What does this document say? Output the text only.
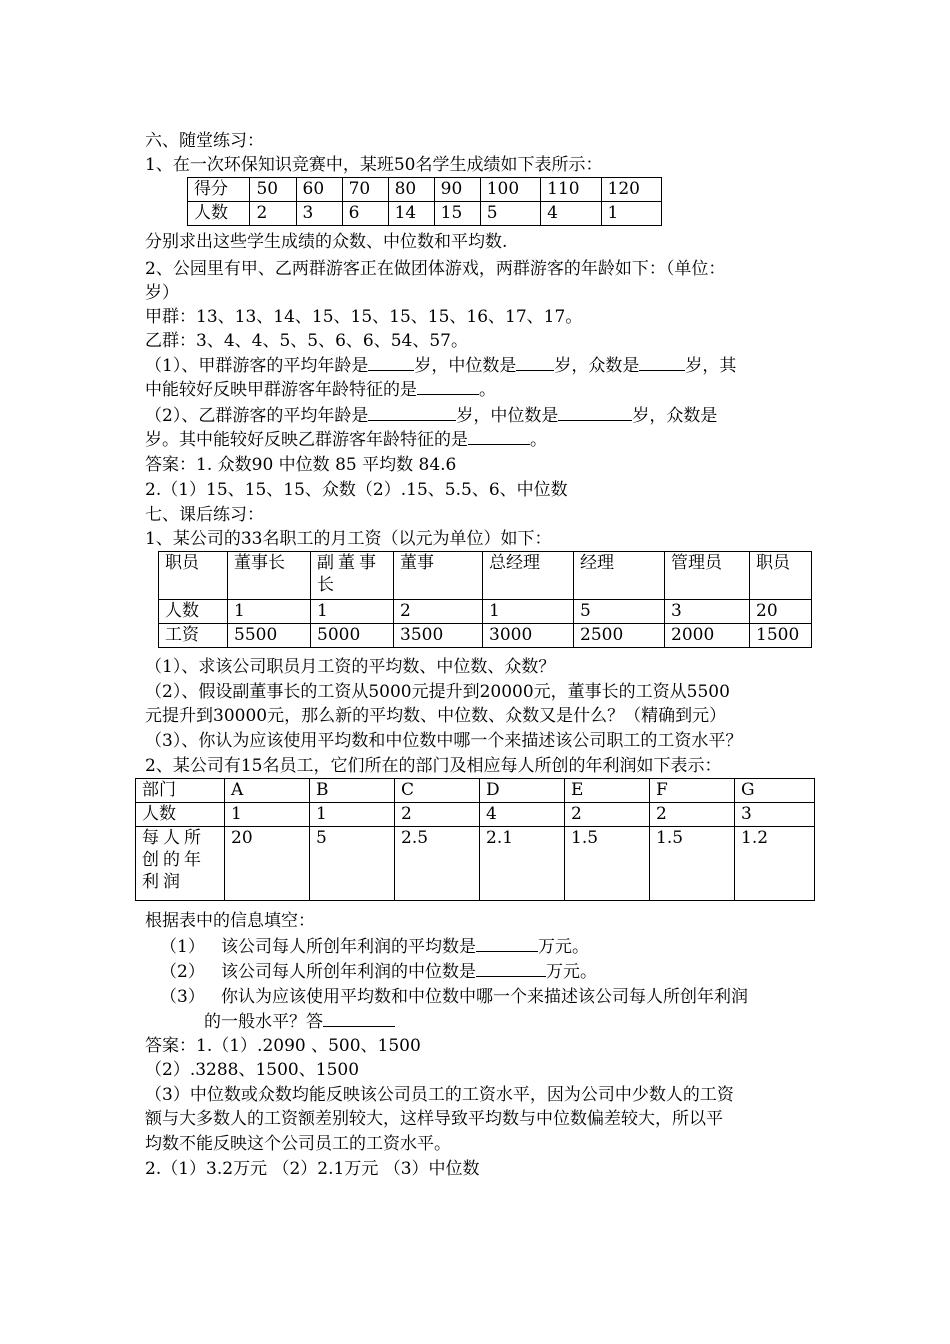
六、随堂练习：
1、在一次环保知识竞赛中，某班50名学生成绩如下表所示：
得分	50	60	70	80	90	100	110	120
人数	2	3	6	14	15	5	4	1
分别求出这些学生成绩的众数、中位数和平均数.
2、公园里有甲、乙两群游客正在做团体游戏，两群游客的年龄如下：（单位：
岁）
甲群：13、13、14、15、15、15、15、16、17、17。
乙群：3、4、4、5、5、6、6、54、57。
（1）、甲群游客的平均年龄是	岁，中位数是 岁，众数是	岁，其
中能较好反映甲群游客年龄特征的是	。
（2）、乙群游客的平均年龄是	岁，中位数是	岁，众数是
岁。其中能较好反映乙群游客年龄特征的是	。
答案：1. 众数90 中位数 85 平均数 84.6
2.（1）15、15、15、众数（2）.15、5.5、6、中位数
七、课后练习：
1、某公司的33名职工的月工资（以元为单位）如下：
职员	董事长	副董事长	董事	总经理	经理	管理员	职员
人数	1	1	2	1	5	3	20
工资	5500	5000	3500	3000	2500	2000	1500
（1）、求该公司职员月工资的平均数、中位数、众数？
（2）、假设副董事长的工资从5000元提升到20000元，董事长的工资从5500
元提升到30000元，那么新的平均数、中位数、众数又是什么？（精确到元）
（3）、你认为应该使用平均数和中位数中哪一个来描述该公司职工的工资水平？
2、某公司有15名员工，它们所在的部门及相应每人所创的年利润如下表示：
部门	A	B	C	D	E	F	G
人数	1	1	2	4	2	2	3
每人所创的年利润	20	5	2.5	2.1	1.5	1.5	1.2
根据表中的信息填空：
（1） 该公司每人所创年利润的平均数是	万元。
（2） 该公司每人所创年利润的中位数是	万元。
（3） 你认为应该使用平均数和中位数中哪一个来描述该公司每人所创年利润
的一般水平？答
答案：1.（1）.2090 、500、1500
（2）.3288、1500、1500
（3）中位数或众数均能反映该公司员工的工资水平，因为公司中少数人的工资
额与大多数人的工资额差别较大，这样导致平均数与中位数偏差较大，所以平
均数不能反映这个公司员工的工资水平。
2.（1）3.2万元 （2）2.1万元 （3）中位数
